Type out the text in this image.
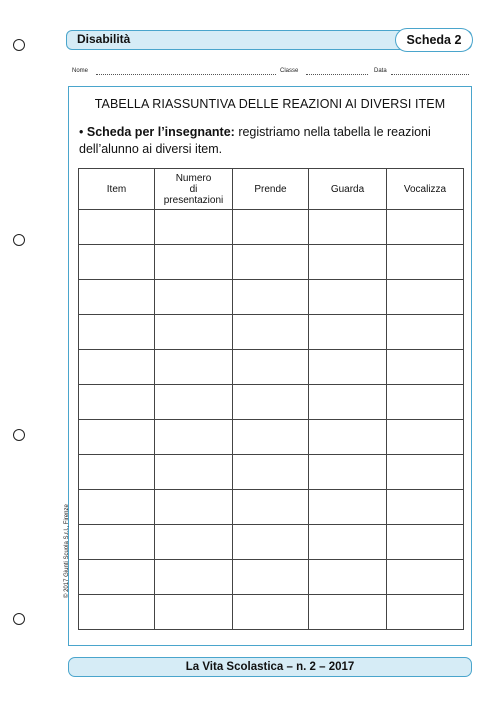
Disabilità	Scheda 2
Nome	Classe	Data
TABELLA RIASSUNTIVA DELLE REAZIONI AI DIVERSI ITEM
• Scheda per l’insegnante: registriamo nella tabella le reazioni dell’alunno ai diversi item.
Item	Numero
di
presentazioni	Prende	Guarda	Vocalizza

© 2017 Giunti Scuola S.r.l., Firenze
La Vita Scolastica – n. 2 – 2017
